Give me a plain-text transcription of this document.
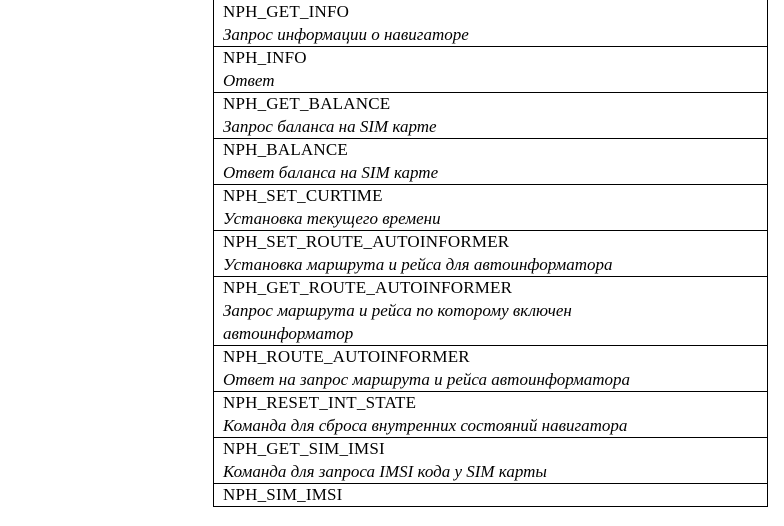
NPH_GET_INFO
Запрос информации о навигаторе
NPH_INFO
Ответ
NPH_GET_BALANCE
Запрос баланса на SIM карте
NPH_BALANCE
Ответ баланса на SIM карте
NPH_SET_CURTIME
Установка текущего времени
NPH_SET_ROUTE_AUTOINFORMER
Установка маршрута и рейса для автоинформатора
NPH_GET_ROUTE_AUTOINFORMER
Запрос маршрута и рейса по которому включен автоинформатор
NPH_ROUTE_AUTOINFORMER
Ответ на запрос маршрута и рейса автоинформатора
NPH_RESET_INT_STATE
Команда для сброса внутренних состояний навигатора
NPH_GET_SIM_IMSI
Команда для запроса IMSI кода у SIM карты
NPH_SIM_IMSI
